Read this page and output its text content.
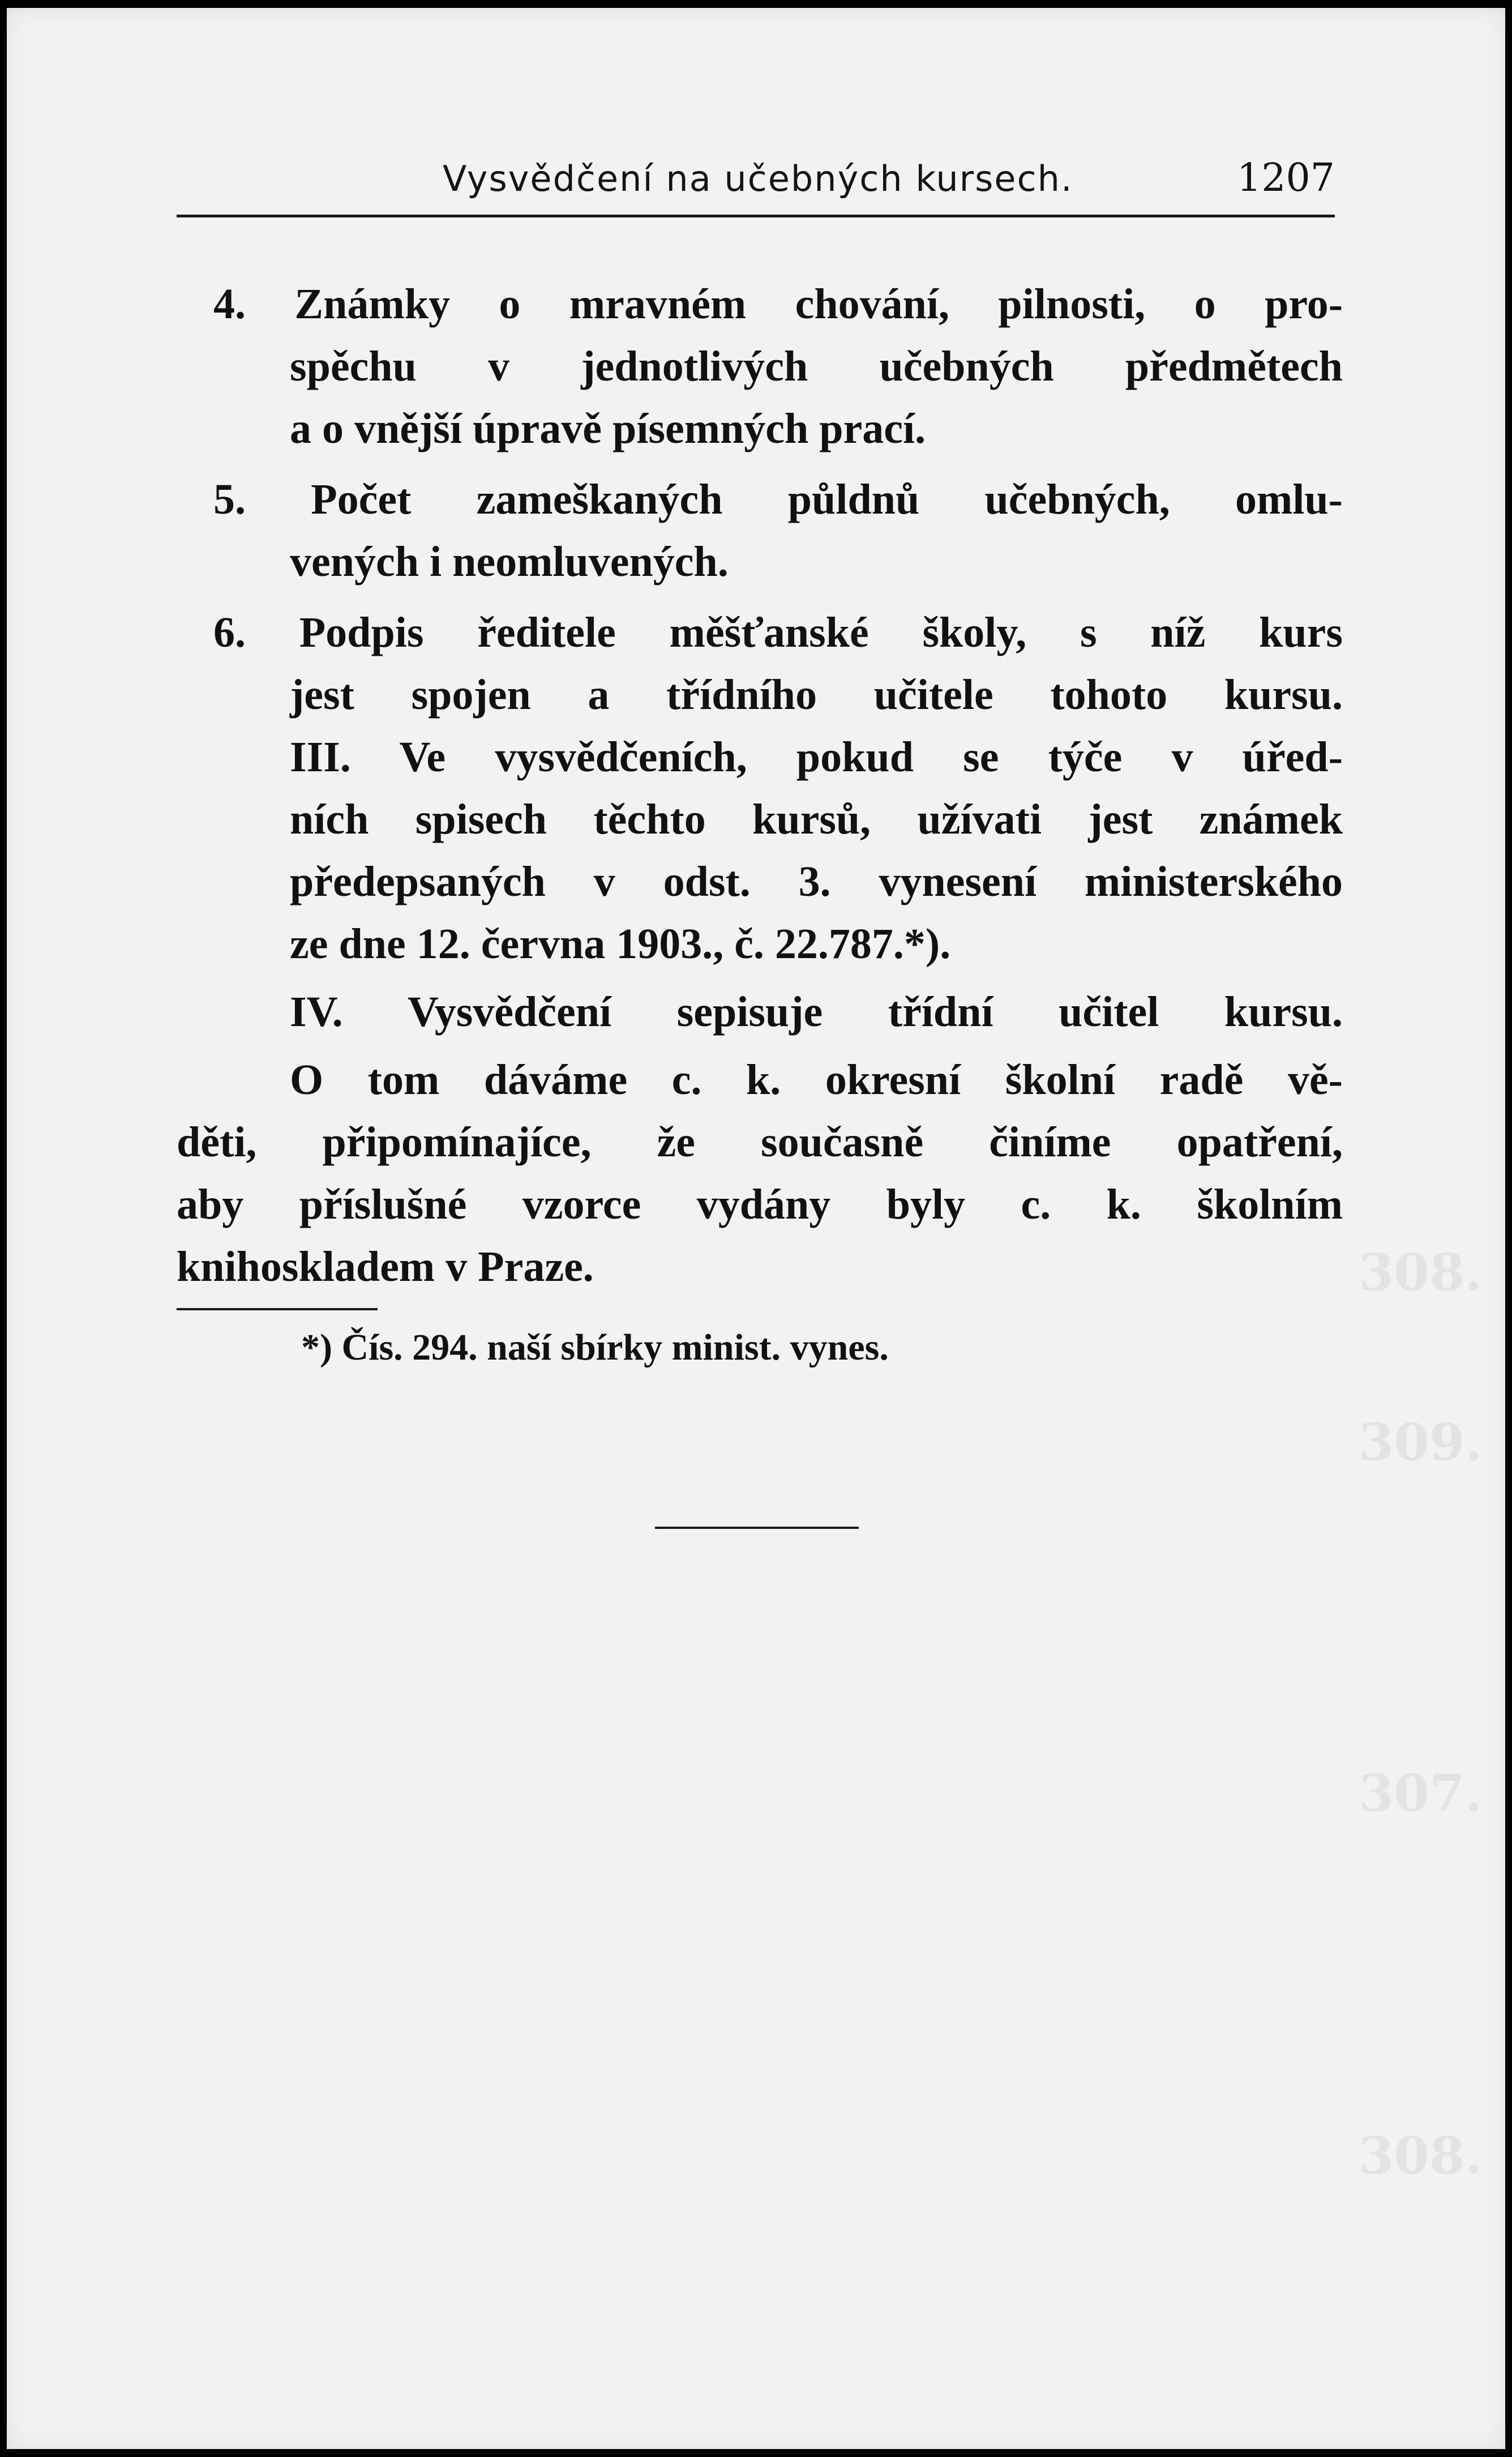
308.
309.
307.
308.
Vysvědčení na učebných kursech.	1207
4. Známky o mravném chování, pilnosti, o pro-
spěchu v jednotlivých učebných předmětech
a o vnější úpravě písemných prací.
5. Počet zameškaných půldnů učebných, omlu-
vených i neomluvených.
6. Podpis ředitele měšťanské školy, s níž kurs
jest spojen a třídního učitele tohoto kursu.
III. Ve vysvědčeních, pokud se týče v úřed-
ních spisech těchto kursů, užívati jest známek
předepsaných v odst. 3. vynesení ministerského
ze dne 12. června 1903., č. 22.787.*).
IV. Vysvědčení sepisuje třídní učitel kursu.
O tom dáváme c. k. okresní školní radě vě-
děti, připomínajíce, že současně činíme opatření,
aby příslušné vzorce vydány byly c. k. školním
knihoskladem v Praze.
*) Čís. 294. naší sbírky minist. vynes.
